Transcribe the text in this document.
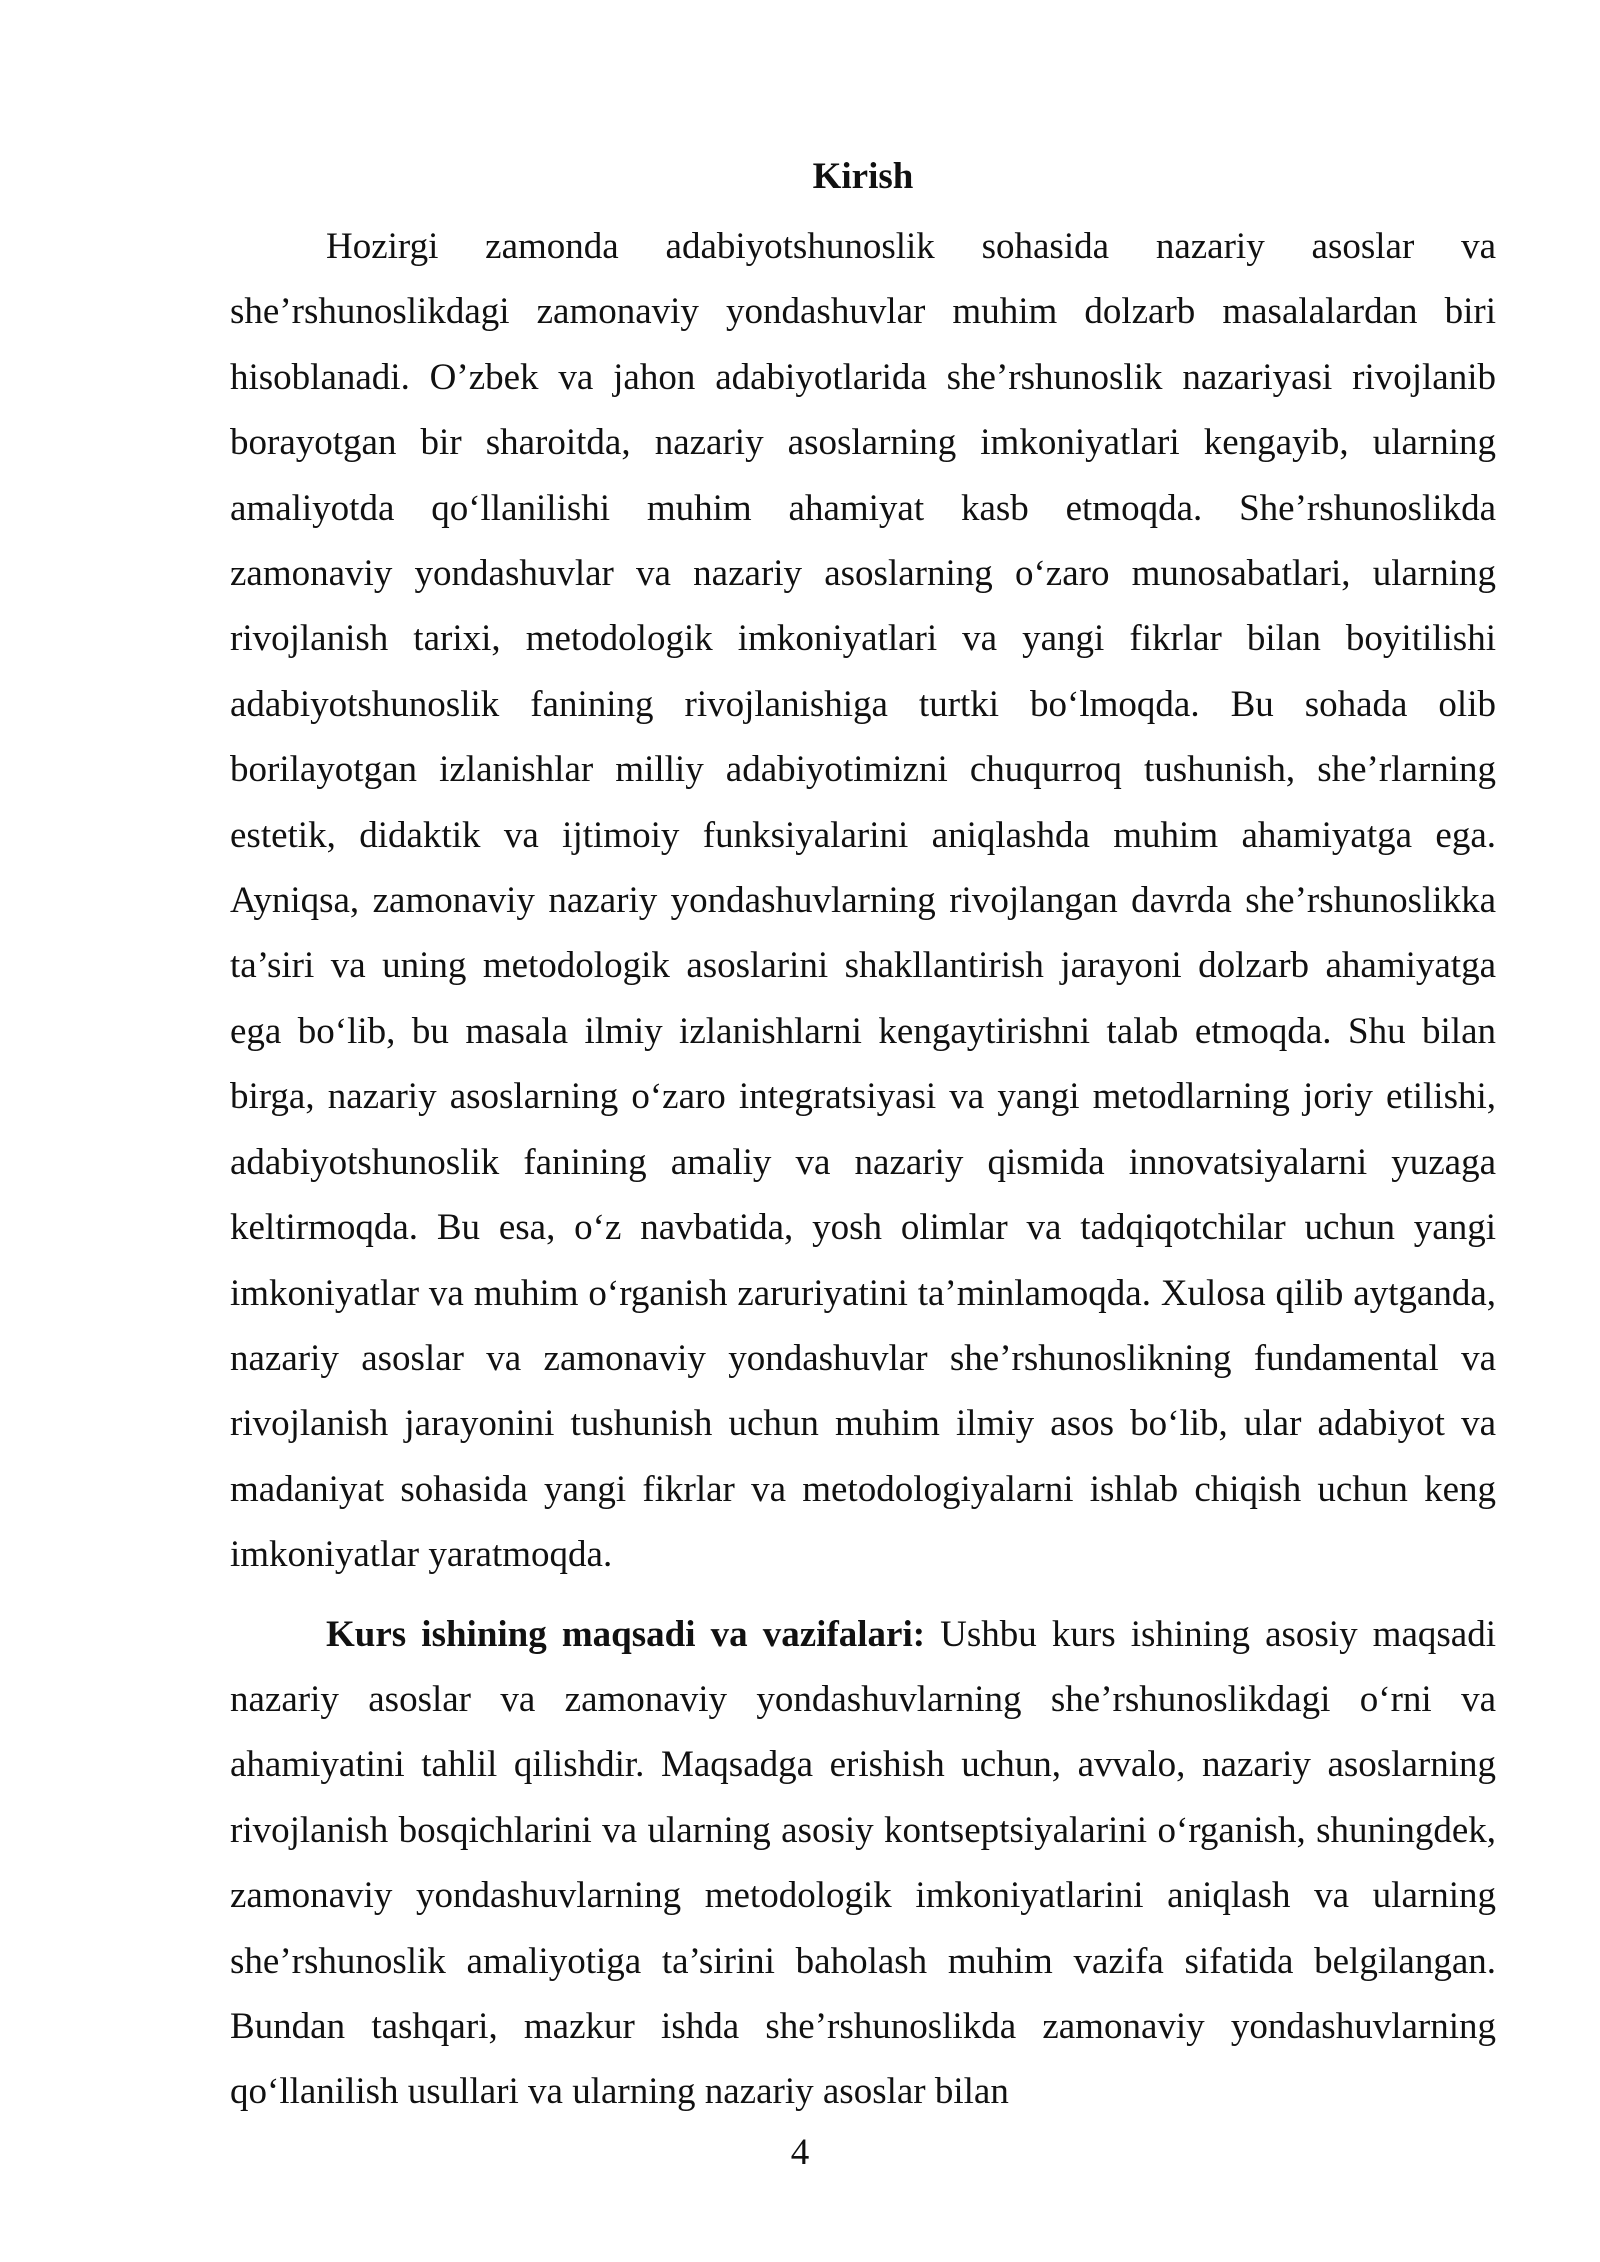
Kirish

Hozirgi zamonda adabiyotshunoslik sohasida nazariy asoslar va she’rshunoslikdagi zamonaviy yondashuvlar muhim dolzarb masalalardan biri hisoblanadi. O’zbek va jahon adabiyotlarida she’rshunoslik nazariyasi rivojlanib borayotgan bir sharoitda, nazariy asoslarning imkoniyatlari kengayib, ularning amaliyotda qo‘llanilishi muhim ahamiyat kasb etmoqda. She’rshunoslikda zamonaviy yondashuvlar va nazariy asoslarning o‘zaro munosabatlari, ularning rivojlanish tarixi, metodologik imkoniyatlari va yangi fikrlar bilan boyitilishi adabiyotshunoslik fanining rivojlanishiga turtki bo‘lmoqda. Bu sohada olib borilayotgan izlanishlar milliy adabiyotimizni chuqurroq tushunish, she’rlarning estetik, didaktik va ijtimoiy funksiyalarini aniqlashda muhim ahamiyatga ega. Ayniqsa, zamonaviy nazariy yondashuvlarning rivojlangan davrda she’rshunoslikka ta’siri va uning metodologik asoslarini shakllantirish jarayoni dolzarb ahamiyatga ega bo‘lib, bu masala ilmiy izlanishlarni kengaytirishni talab etmoqda. Shu bilan birga, nazariy asoslarning o‘zaro integratsiyasi va yangi metodlarning joriy etilishi, adabiyotshunoslik fanining amaliy va nazariy qismida innovatsiyalarni yuzaga keltirmoqda. Bu esa, o‘z navbatida, yosh olimlar va tadqiqotchilar uchun yangi imkoniyatlar va muhim o‘rganish zaruriyatini ta’minlamoqda. Xulosa qilib aytganda, nazariy asoslar va zamonaviy yondashuvlar she’rshunoslikning fundamental va rivojlanish jarayonini tushunish uchun muhim ilmiy asos bo‘lib, ular adabiyot va madaniyat sohasida yangi fikrlar va metodologiyalarni ishlab chiqish uchun keng imkoniyatlar yaratmoqda.

Kurs ishining maqsadi va vazifalari: Ushbu kurs ishining asosiy maqsadi nazariy asoslar va zamonaviy yondashuvlarning she’rshunoslikdagi o‘rni va ahamiyatini tahlil qilishdir. Maqsadga erishish uchun, avvalo, nazariy asoslarning rivojlanish bosqichlarini va ularning asosiy kontseptsiyalarini o‘rganish, shuningdek, zamonaviy yondashuvlarning metodologik imkoniyatlarini aniqlash va ularning she’rshunoslik amaliyotiga ta’sirini baholash muhim vazifa sifatida belgilangan. Bundan tashqari, mazkur ishda she’rshunoslikda zamonaviy yondashuvlarning qo‘llanilish usullari va ularning nazariy asoslar bilan

4
